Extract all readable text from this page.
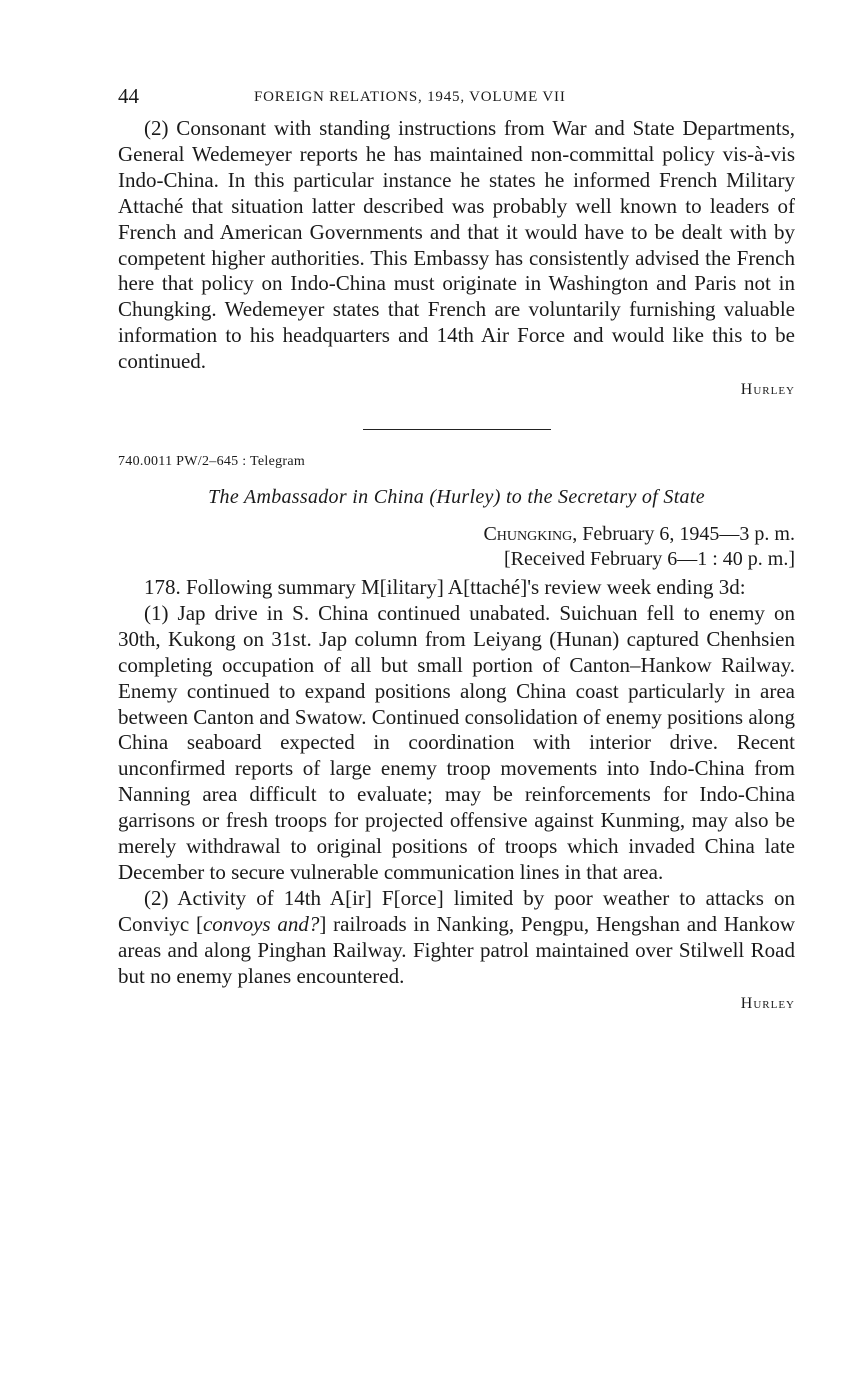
44	FOREIGN RELATIONS, 1945, VOLUME VII

(2) Consonant with standing instructions from War and State Departments, General Wedemeyer reports he has maintained non-committal policy vis-à-vis Indo-China. In this particular instance he states he informed French Military Attaché that situation latter described was probably well known to leaders of French and American Governments and that it would have to be dealt with by competent higher authorities. This Embassy has consistently advised the French here that policy on Indo-China must originate in Washington and Paris not in Chungking. Wedemeyer states that French are voluntarily furnishing valuable information to his headquarters and 14th Air Force and would like this to be continued.

Hurley

740.0011 PW/2–645 : Telegram
The Ambassador in China (Hurley) to the Secretary of State
Chungking, February 6, 1945—3 p. m.
[Received February 6—1 : 40 p. m.]

178. Following summary M[ilitary] A[ttaché]'s review week ending 3d:

(1) Jap drive in S. China continued unabated. Suichuan fell to enemy on 30th, Kukong on 31st. Jap column from Leiyang (Hunan) captured Chenhsien completing occupation of all but small portion of Canton–Hankow Railway. Enemy continued to expand positions along China coast particularly in area between Canton and Swatow. Continued consolidation of enemy positions along China seaboard expected in coordination with interior drive. Recent unconfirmed reports of large enemy troop movements into Indo-China from Nanning area difficult to evaluate; may be reinforcements for Indo-China garrisons or fresh troops for projected offensive against Kunming, may also be merely withdrawal to original positions of troops which invaded China late December to secure vulnerable communication lines in that area.

(2) Activity of 14th A[ir] F[orce] limited by poor weather to attacks on Conviyc [convoys and?] railroads in Nanking, Pengpu, Hengshan and Hankow areas and along Pinghan Railway. Fighter patrol maintained over Stilwell Road but no enemy planes encountered.

Hurley
